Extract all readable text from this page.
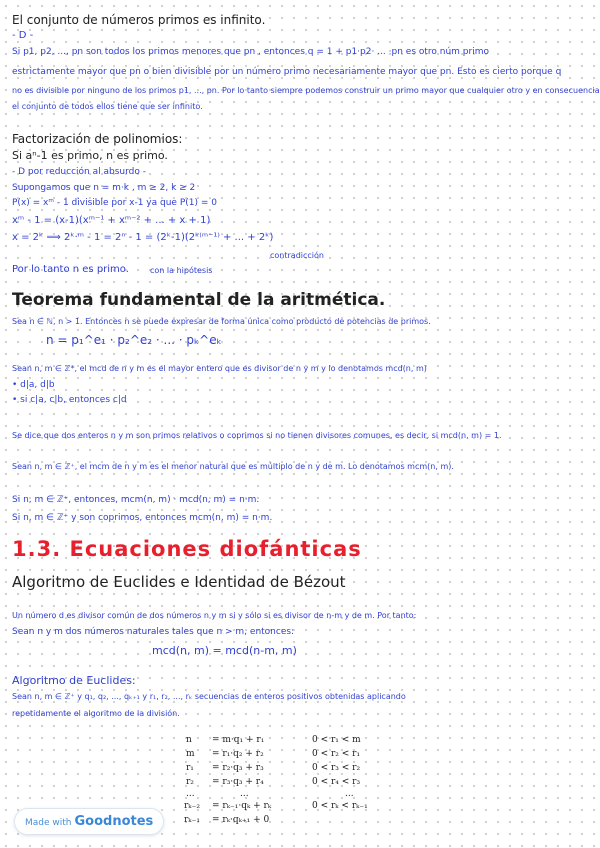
El conjunto de números primos es infinito.
- D -
Si p1, p2, ..., pn son todos los primos menores que pn , entonces q = 1 + p1·p2· ... ·pn es otro núm primo
estrictamente mayor que pn o bien divisible por un número primo necesariamente mayor que pn. Esto es cierto porque q
no es divisible por ninguno de los primos p1, ..., pn. Por lo tanto siempre podemos construir un primo mayor que cualquier otro y en consecuencia
el conjunto de todos ellos tiene que ser infinito.
Factorización de polinomios:
Si aⁿ-1 es primo, n es primo.
- D por reducción al absurdo -
Supongamos que n = m·k , m ≥ 2, k ≥ 2
P(x) = xᵐ - 1 divisible por x-1 ya que P(1) = 0
xᵐ - 1 = (x-1)(xᵐ⁻¹ + xᵐ⁻² + ... + x + 1)
x = 2ᵏ ⟹ 2ᵏ·ᵐ - 1 = 2ⁿ - 1 = (2ᵏ-1)(2ᵏ⁽ᵐ⁻¹⁾ + ... + 2ᵏ)
contradicción
Por lo tanto n es primo.	con la hipótesis
Teorema fundamental de la aritmética.
Sea n ∈ ℕ, n > 1. Entonces n se puede expresar de forma única como producto de potencias de primos.
n = p₁^e₁ · p₂^e₂ · ... · pₖ^eₖ
Sean n, m ∈ ℤ*, el mcd de n y m es el mayor entero que es divisor de n y m y lo denotamos mcd(n, m)
• d|a, d|b
• si c|a, c|b, entonces c|d
Se dice que dos enteros n y m son primos relativos o coprimos si no tienen divisores comunes, es decir, si mcd(n, m) = 1.
Sean n, m ∈ ℤ⁺, el mcm de n y m es el menor natural que es múltiplo de n y de m. Lo denotamos mcm(n, m).
Si n, m ∈ ℤ⁺, entonces, mcm(n, m) · mcd(n, m) = n·m.
Si n, m ∈ ℤ⁺ y son coprimos, entonces mcm(n, m) = n·m.
1.3. Ecuaciones diofánticas
Algoritmo de Euclides e Identidad de Bézout
Un número d es divisor común de dos números n y m si y sólo si es divisor de n-m y de m. Por tanto:
Sean n y m dos números naturales tales que n > m, entonces:
mcd(n, m) = mcd(n-m, m)
Algoritmo de Euclides:
Sean n, m ∈ ℤ⁺ y q₁, q₂, ..., qₖ₊₁ y r₁, r₂, ..., rₖ secuencias de enteros positivos obtenidas aplicando
repetidamente el algoritmo de la división.
n = m·q₁ + r₁	0 < r₁ < m
m = r₁·q₂ + r₂	0 < r₂ < r₁
r₁ = r₂·q₃ + r₃	0 < r₃ < r₂
r₂ = r₃·q₃ + r₄	0 < r₄ < r₃
...	...	...
rₖ₋₂ = rₖ₋₁·qₖ + rₖ	0 < rₖ < rₖ₋₁
rₖ₋₁ = rₖ·qₖ₊₁ + 0
Made with Goodnotes
